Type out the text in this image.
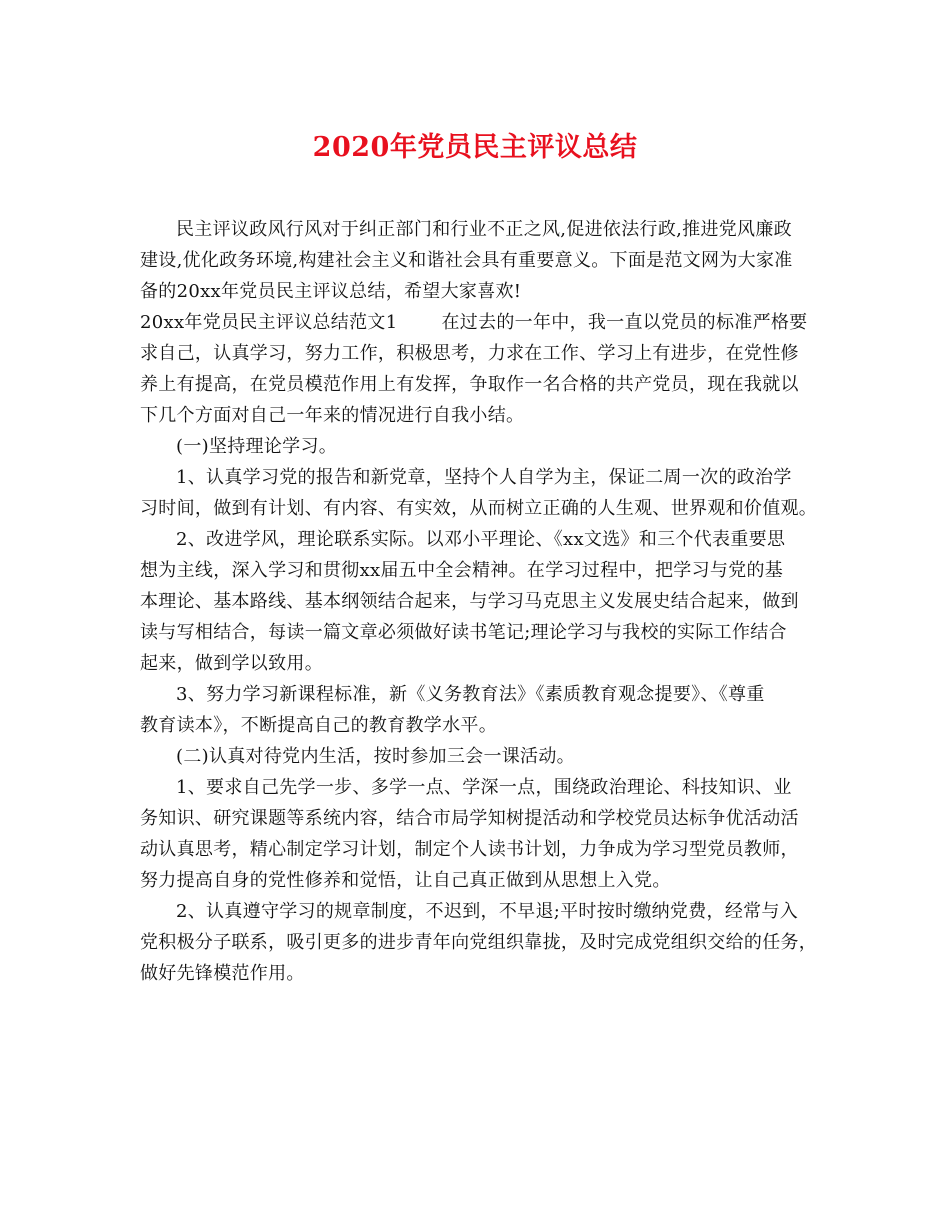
2020年党员民主评议总结
民主评议政风行风对于纠正部门和行业不正之风,促进依法行政,推进党风廉政
建设,优化政务环境,构建社会主义和谐社会具有重要意义。下面是范文网为大家准
备的20xx年党员民主评议总结，希望大家喜欢!
20xx年党员民主评议总结范文1 在过去的一年中，我一直以党员的标准严格要
求自己，认真学习，努力工作，积极思考，力求在工作、学习上有进步，在党性修
养上有提高，在党员模范作用上有发挥，争取作一名合格的共产党员，现在我就以
下几个方面对自己一年来的情况进行自我小结。
(一)坚持理论学习。
1、认真学习党的报告和新党章，坚持个人自学为主，保证二周一次的政治学
习时间，做到有计划、有内容、有实效，从而树立正确的人生观、世界观和价值观。
2、改进学风，理论联系实际。以邓小平理论、《xx文选》和三个代表重要思
想为主线，深入学习和贯彻xx届五中全会精神。在学习过程中，把学习与党的基
本理论、基本路线、基本纲领结合起来，与学习马克思主义发展史结合起来，做到
读与写相结合，每读一篇文章必须做好读书笔记;理论学习与我校的实际工作结合
起来，做到学以致用。
3、努力学习新课程标准，新《义务教育法》《素质教育观念提要》、《尊重
教育读本》，不断提高自己的教育教学水平。
(二)认真对待党内生活，按时参加三会一课活动。
1、要求自己先学一步、多学一点、学深一点，围绕政治理论、科技知识、业
务知识、研究课题等系统内容，结合市局学知树提活动和学校党员达标争优活动活
动认真思考，精心制定学习计划，制定个人读书计划，力争成为学习型党员教师，
努力提高自身的党性修养和觉悟，让自己真正做到从思想上入党。
2、认真遵守学习的规章制度，不迟到，不早退;平时按时缴纳党费，经常与入
党积极分子联系，吸引更多的进步青年向党组织靠拢，及时完成党组织交给的任务，
做好先锋模范作用。
